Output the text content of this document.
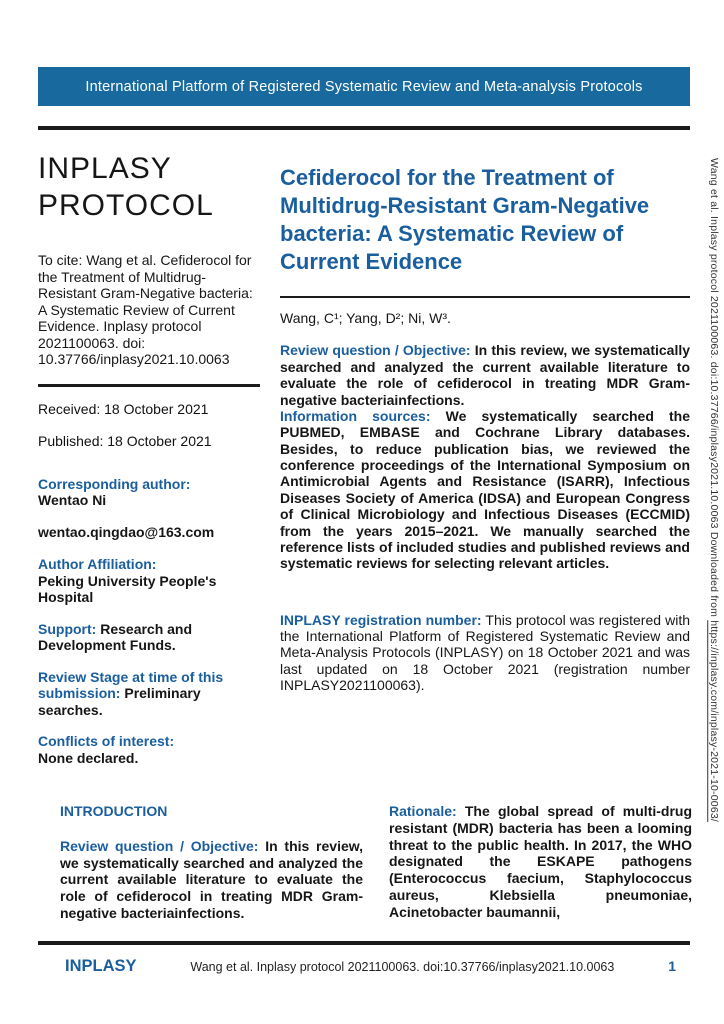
International Platform of Registered Systematic Review and Meta-analysis Protocols
INPLASY
PROTOCOL

To cite: Wang et al. Cefiderocol for the Treatment of Multidrug-Resistant Gram-Negative bacteria: A Systematic Review of Current Evidence. Inplasy protocol 2021100063. doi: 10.37766/inplasy2021.10.0063

Received: 18 October 2021
Published: 18 October 2021
Corresponding author:
Wentao Ni
wentao.qingdao@163.com
Author Affiliation:
Peking University People's Hospital
Support: Research and Development Funds.
Review Stage at time of this submission: Preliminary searches.
Conflicts of interest:
None declared.
Cefiderocol for the Treatment of Multidrug-Resistant Gram-Negative bacteria: A Systematic Review of Current Evidence
Wang, C¹; Yang, D²; Ni, W³.

Review question / Objective: In this review, we systematically searched and analyzed the current available literature to evaluate the role of cefiderocol in treating MDR Gram-negative bacteriainfections.

Information sources: We systematically searched the PUBMED, EMBASE and Cochrane Library databases. Besides, to reduce publication bias, we reviewed the conference proceedings of the International Symposium on Antimicrobial Agents and Resistance (ISARR), Infectious Diseases Society of America (IDSA) and European Congress of Clinical Microbiology and Infectious Diseases (ECCMID) from the years 2015–2021. We manually searched the reference lists of included studies and published reviews and systematic reviews for selecting relevant articles.

INPLASY registration number: This protocol was registered with the International Platform of Registered Systematic Review and Meta-Analysis Protocols (INPLASY) on 18 October 2021 and was last updated on 18 October 2021 (registration number INPLASY2021100063).

INTRODUCTION

Review question / Objective: In this review, we systematically searched and analyzed the current available literature to evaluate the role of cefiderocol in treating MDR Gram-negative bacteriainfections.

Rationale: The global spread of multi-drug resistant (MDR) bacteria has been a looming threat to the public health. In 2017, the WHO designated the ESKAPE pathogens (Enterococcus faecium, Staphylococcus aureus, Klebsiella pneumoniae, Acinetobacter baumannii,

INPLASY	Wang et al. Inplasy protocol 2021100063. doi:10.37766/inplasy2021.10.0063	1
Wang et al. Inplasy protocol 2021100063. doi:10.37766/inplasy2021.10.0063 Downloaded from https://inplasy.com/inplasy-2021-10-0063/
